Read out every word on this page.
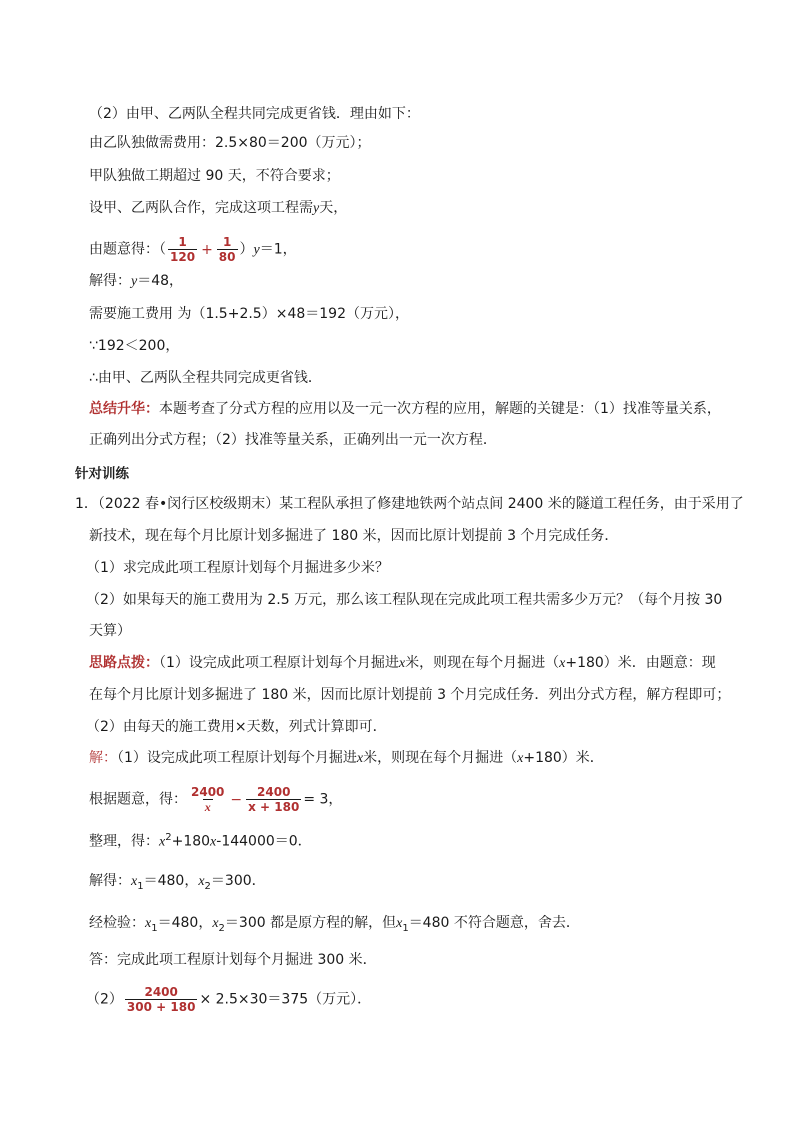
（2）由甲、乙两队全程共同完成更省钱．理由如下：
由乙队独做需费用：2.5×80＝200（万元）；
甲队独做工期超过 90 天，不符合要求；
设甲、乙两队合作，完成这项工程需y天，
由题意得：（ $\frac{1}{120} + \frac{1}{80} )y=1$，
解得：y＝48，
需要施工费用 为（1.5+2.5）×48＝192（万元），
∵192＜200，
∴由甲、乙两队全程共同完成更省钱．
总结升华：本题考查了分式方程的应用以及一元一次方程的应用，解题的关键是：（1）找准等量关系，
正确列出分式方程；（2）找准等量关系，正确列出一元一次方程．
针对训练
1．（2022 春•闵行区校级期末）某工程队承担了修建地铁两个站点间 2400 米的隧道工程任务，由于采用了
新技术，现在每个月比原计划多掘进了 180 米，因而比原计划提前 3 个月完成任务．
（1）求完成此项工程原计划每个月掘进多少米？
（2）如果每天的施工费用为 2.5 万元，那么该工程队现在完成此项工程共需多少万元？（每个月按 30
天算）
思路点拨：（1）设完成此项工程原计划每个月掘进x米，则现在每个月掘进（x+180）米．由题意：现
在每个月比原计划多掘进了 180 米，因而比原计划提前 3 个月完成任务．列出分式方程，解方程即可；
（2）由每天的施工费用×天数，列式计算即可．
解：（1）设完成此项工程原计划每个月掘进x米，则现在每个月掘进（x+180）米．
根据题意，得： $\frac{2400}{x} - \frac{2400}{x + 180} = 3$，
整理，得：$x^2+180x-144000=0$．
解得：$x_1=480$，$x_2=300$．
经检验：$x_1=480$，$x_2=300$ 都是原方程的解，但$x_1=480$ 不符合题意，舍去．
答：完成此项工程原计划每个月掘进 300 米．
$(2) \frac{2400}{300 + 180} \times 2.5\times 30=375$（万元）．
